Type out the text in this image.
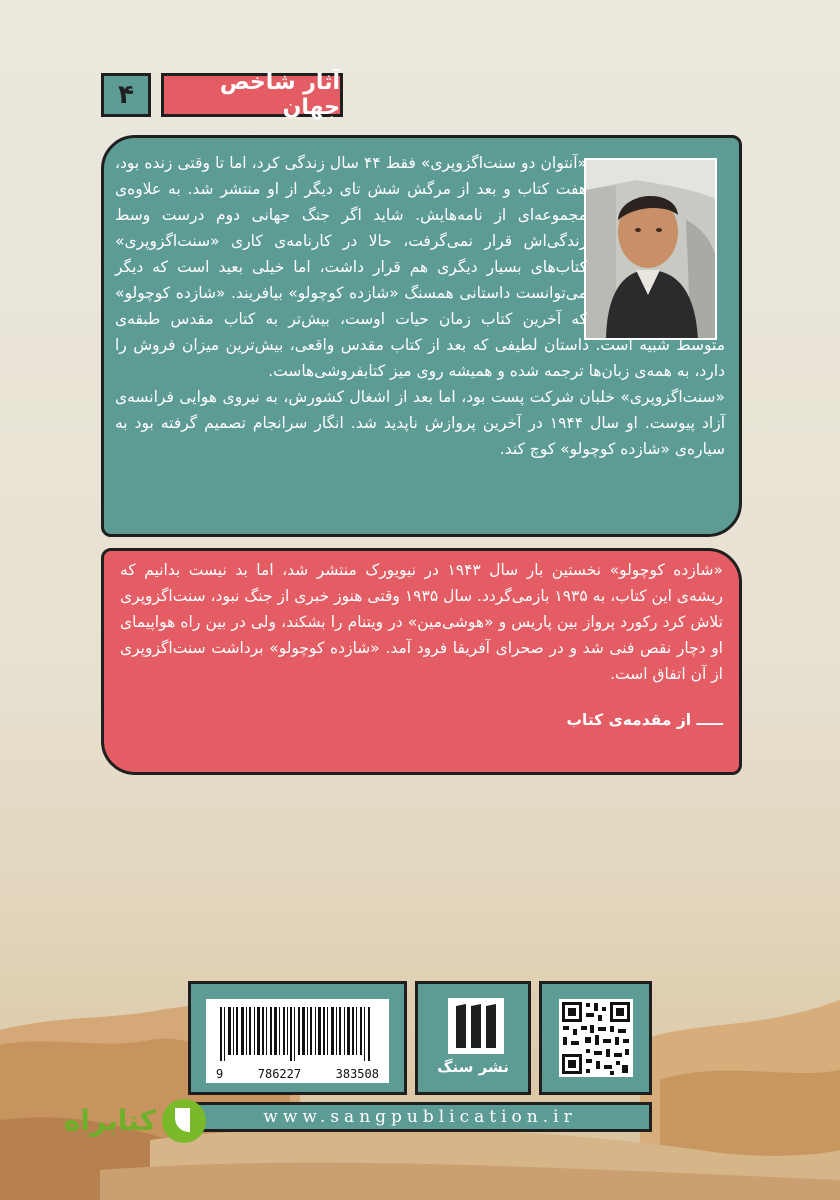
۴	آثار شاخص جهان

«آنتوان دو سنت‌اگزوپری» فقط ۴۴ سال زندگی کرد، اما تا وقتی زنده بود، هفت کتاب و بعد از مرگش شش تای دیگر از او منتشر شد. به علاوه‌ی مجموعه‌ای از نامه‌هایش. شاید اگر جنگ جهانی دوم درست وسط زندگی‌اش قرار نمی‌گرفت، حالا در کارنامه‌ی کاری «سنت‌اگزوپری» کتاب‌های بسیار دیگری هم قرار داشت، اما خیلی بعید است که دیگر می‌توانست داستانی همسنگ «شازده کوچولو» بیافریند. «شازده کوچولو» که آخرین کتاب زمان حیات اوست، بیش‌تر به کتاب مقدس طبقه‌ی متوسط شبیه است. داستان لطیفی که بعد از کتاب مقدس واقعی، بیش‌ترین میزان فروش را دارد، به همه‌ی زبان‌ها ترجمه شده و همیشه روی میز کتابفروشی‌هاست.

«سنت‌اگزوپری» خلبان شرکت پست بود، اما بعد از اشغال کشورش، به نیروی هوایی فرانسه‌ی آزاد پیوست. او سال ۱۹۴۴ در آخرین پروازش ناپدید شد. انگار سرانجام تصمیم گرفته بود به سیاره‌ی «شازده کوچولو» کوچ کند.

«شازده کوچولو» نخستین بار سال ۱۹۴۳ در نیویورک منتشر شد، اما بد نیست بدانیم که ریشه‌ی این کتاب، به ۱۹۳۵ بازمی‌گردد. سال ۱۹۳۵ وقتی هنوز خبری از جنگ نبود، سنت‌اگزوپری تلاش کرد رکورد پرواز بین پاریس و «هوشی‌مین» در ویتنام را بشکند، ولی در بین راه هواپیمای او دچار نقص فنی شد و در صحرای آفریقا فرود آمد. «شازده کوچولو» برداشت سنت‌اگزوپری از آن اتفاق است.

ـــــ از مقدمه‌ی کتاب

9	786227	383508	نشر سنگ
www.sangpublication.ir
کتابراه
